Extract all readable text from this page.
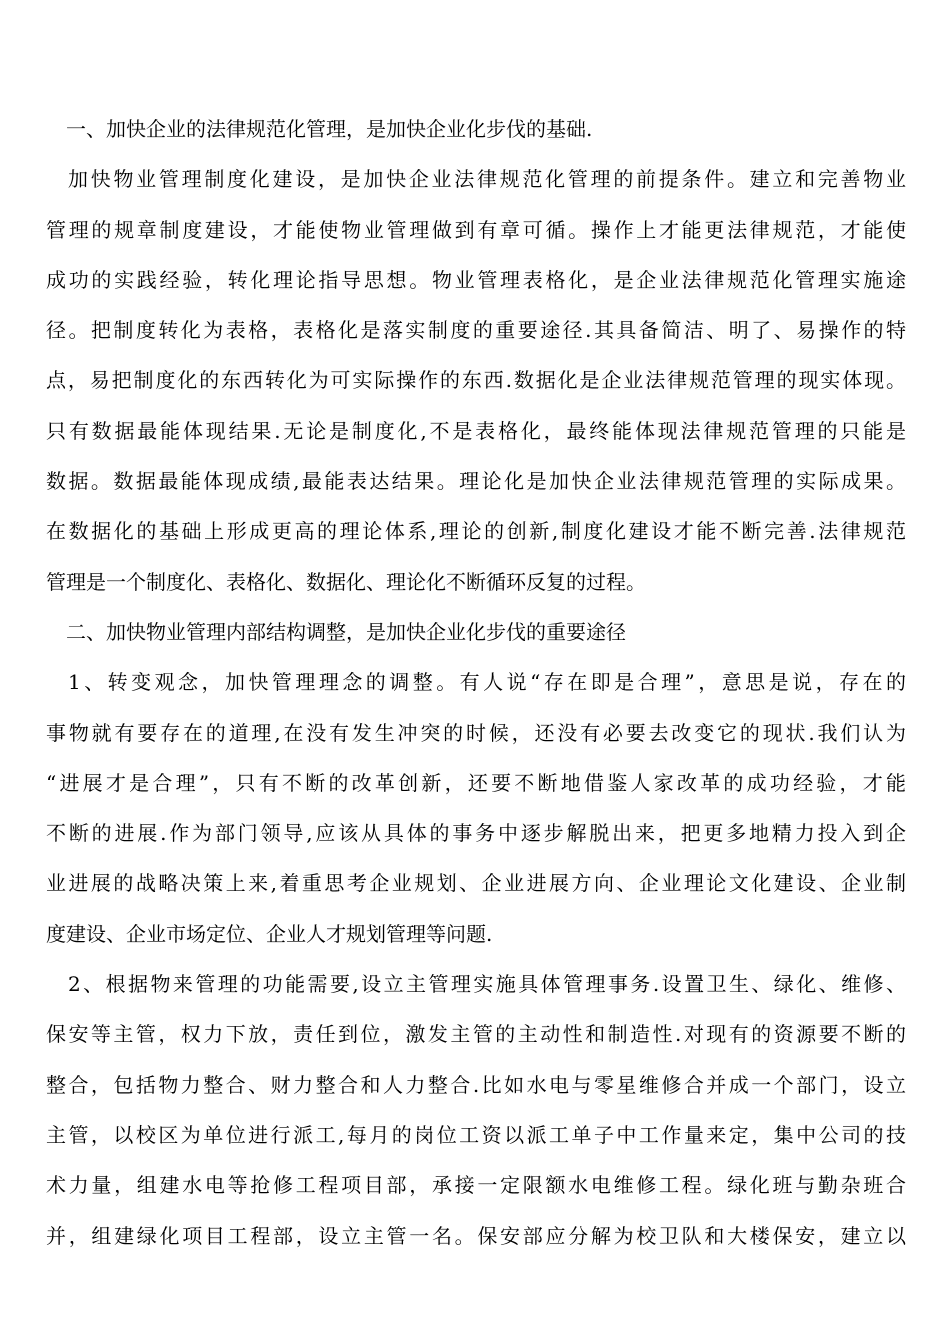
一、加快企业的法律规范化管理，是加快企业化步伐的基础.
加快物业管理制度化建设，是加快企业法律规范化管理的前提条件。建立和完善物业
管理的规章制度建设，才能使物业管理做到有章可循。操作上才能更法律规范，才能使
成功的实践经验，转化理论指导思想。物业管理表格化，是企业法律规范化管理实施途
径。把制度转化为表格，表格化是落实制度的重要途径.其具备简洁、明了、易操作的特
点，易把制度化的东西转化为可实际操作的东西.数据化是企业法律规范管理的现实体现。
只有数据最能体现结果.无论是制度化,不是表格化，最终能体现法律规范管理的只能是
数据。数据最能体现成绩,最能表达结果。理论化是加快企业法律规范管理的实际成果。
在数据化的基础上形成更高的理论体系,理论的创新,制度化建设才能不断完善.法律规范
管理是一个制度化、表格化、数据化、理论化不断循环反复的过程。
二、加快物业管理内部结构调整，是加快企业化步伐的重要途径
1、转变观念，加快管理理念的调整。有人说“存在即是合理”，意思是说，存在的
事物就有要存在的道理,在没有发生冲突的时候，还没有必要去改变它的现状.我们认为
“进展才是合理”，只有不断的改革创新，还要不断地借鉴人家改革的成功经验，才能
不断的进展.作为部门领导,应该从具体的事务中逐步解脱出来，把更多地精力投入到企
业进展的战略决策上来,着重思考企业规划、企业进展方向、企业理论文化建设、企业制
度建设、企业市场定位、企业人才规划管理等问题.
2、根据物来管理的功能需要,设立主管理实施具体管理事务.设置卫生、绿化、维修、
保安等主管，权力下放，责任到位，激发主管的主动性和制造性.对现有的资源要不断的
整合，包括物力整合、财力整合和人力整合.比如水电与零星维修合并成一个部门，设立
主管，以校区为单位进行派工,每月的岗位工资以派工单子中工作量来定，集中公司的技
术力量，组建水电等抢修工程项目部，承接一定限额水电维修工程。绿化班与勤杂班合
并，组建绿化项目工程部，设立主管一名。保安部应分解为校卫队和大楼保安，建立以
